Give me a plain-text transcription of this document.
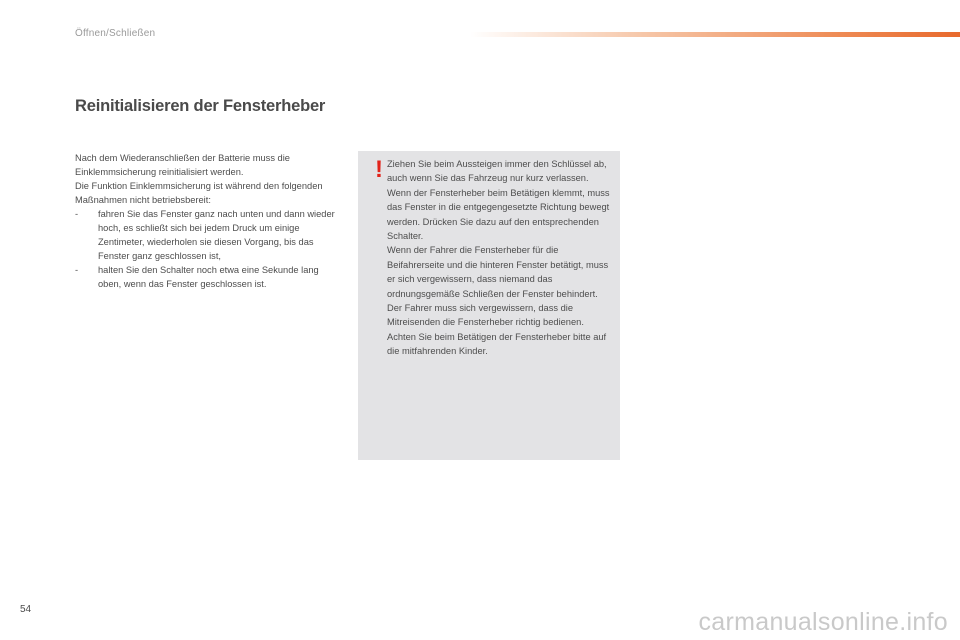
Öffnen/Schließen
Reinitialisieren der Fensterheber

Nach dem Wiederanschließen der Batterie muss die Einklemmsicherung reinitialisiert werden.

Die Funktion Einklemmsicherung ist während den folgenden Maßnahmen nicht betriebsbereit:

-	fahren Sie das Fenster ganz nach unten und dann wieder hoch, es schließt sich bei jedem Druck um einige Zentimeter, wiederholen sie diesen Vorgang, bis das Fenster ganz geschlossen ist,
-	halten Sie den Schalter noch etwa eine Sekunde lang oben, wenn das Fenster geschlossen ist.
! Ziehen Sie beim Aussteigen immer den Schlüssel ab, auch wenn Sie das Fahrzeug nur kurz verlassen.

Wenn der Fensterheber beim Betätigen klemmt, muss das Fenster in die entgegengesetzte Richtung bewegt werden. Drücken Sie dazu auf den entsprechenden Schalter.

Wenn der Fahrer die Fensterheber für die Beifahrerseite und die hinteren Fenster betätigt, muss er sich vergewissern, dass niemand das ordnungsgemäße Schließen der Fenster behindert.

Der Fahrer muss sich vergewissern, dass die Mitreisenden die Fensterheber richtig bedienen.

Achten Sie beim Betätigen der Fensterheber bitte auf die mitfahrenden Kinder.

54	carmanualsonline.info
